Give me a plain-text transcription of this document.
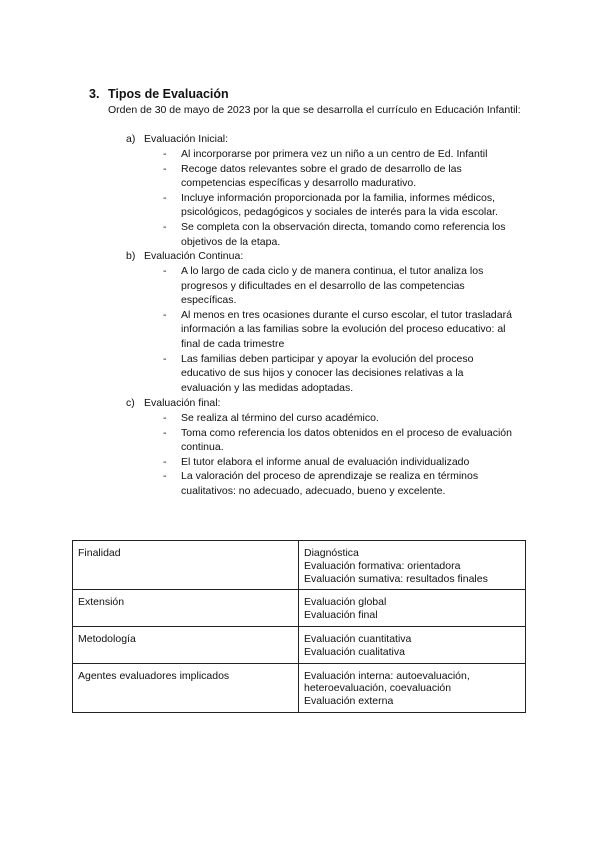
3. Tipos de Evaluación
Orden de 30 de mayo de 2023 por la que se desarrolla el currículo en Educación Infantil:
a) Evaluación Inicial:
- Al incorporarse por primera vez un niño a un centro de Ed. Infantil
- Recoge datos relevantes sobre el grado de desarrollo de las competencias específicas y desarrollo madurativo.
- Incluye información proporcionada por la familia, informes médicos, psicológicos, pedagógicos y sociales de interés para la vida escolar.
- Se completa con la observación directa, tomando como referencia los objetivos de la etapa.
b) Evaluación Continua:
- A lo largo de cada ciclo y de manera continua, el tutor analiza los progresos y dificultades en el desarrollo de las competencias específicas.
- Al menos en tres ocasiones durante el curso escolar, el tutor trasladará información a las familias sobre la evolución del proceso educativo: al final de cada trimestre
- Las familias deben participar y apoyar la evolución del proceso educativo de sus hijos y conocer las decisiones relativas a la evaluación y las medidas adoptadas.
c) Evaluación final:
- Se realiza al término del curso académico.
- Toma como referencia los datos obtenidos en el proceso de evaluación continua.
- El tutor elabora el informe anual de evaluación individualizado
- La valoración del proceso de aprendizaje se realiza en términos cualitativos: no adecuado, adecuado, bueno y excelente.
Finalidad	Diagnóstica
Evaluación formativa: orientadora
Evaluación sumativa: resultados finales

Extensión	Evaluación global
Evaluación final

Metodología	Evaluación cuantitativa
Evaluación cualitativa

Agentes evaluadores implicados	Evaluación interna: autoevaluación, heteroevaluación, coevaluación
Evaluación externa
